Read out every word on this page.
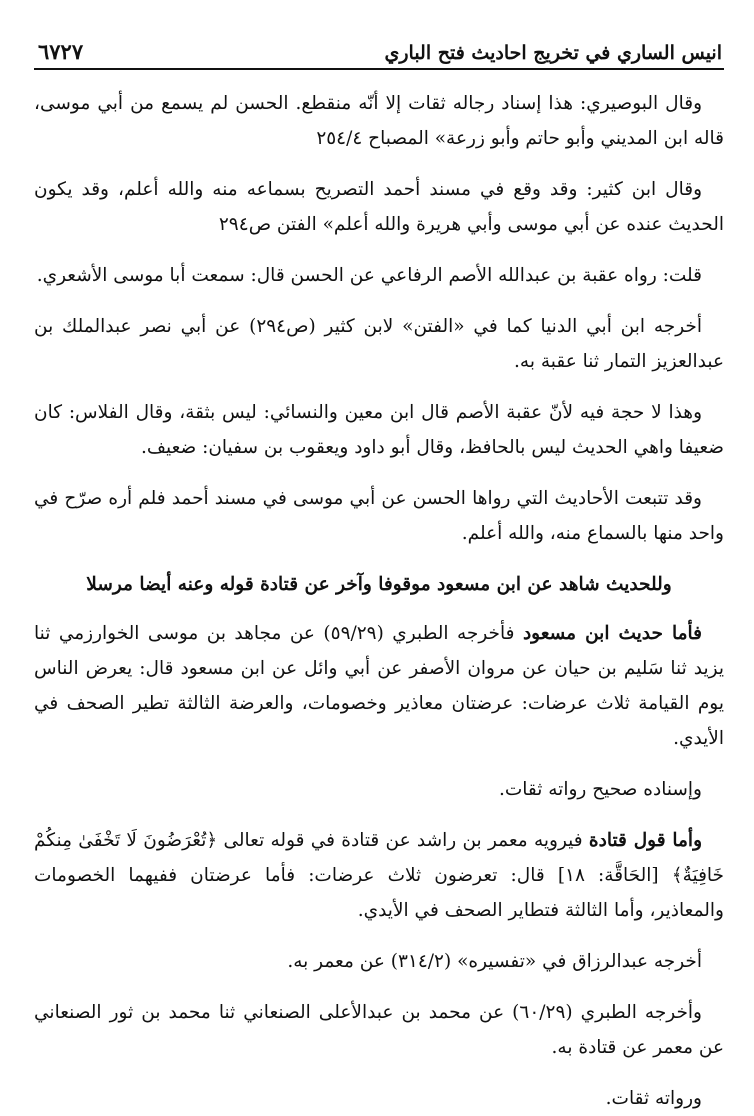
انيس الساري في تخريج احاديث فتح الباري
٦٧٢٧

وقال البوصيري: هذا إسناد رجاله ثقات إلا أنّه منقطع. الحسن لم يسمع من أبي موسى، قاله ابن المديني وأبو حاتم وأبو زرعة» المصباح ٢٥٤/٤

وقال ابن كثير: وقد وقع في مسند أحمد التصريح بسماعه منه والله أعلم، وقد يكون الحديث عنده عن أبي موسى وأبي هريرة والله أعلم» الفتن ص٢٩٤

قلت: رواه عقبة بن عبدالله الأصم الرفاعي عن الحسن قال: سمعت أبا موسى الأشعري.

أخرجه ابن أبي الدنيا كما في «الفتن» لابن كثير (ص٢٩٤) عن أبي نصر عبدالملك بن عبدالعزيز التمار ثنا عقبة به.

وهذا لا حجة فيه لأنّ عقبة الأصم قال ابن معين والنسائي: ليس بثقة، وقال الفلاس: كان ضعيفا واهي الحديث ليس بالحافظ، وقال أبو داود ويعقوب بن سفيان: ضعيف.

وقد تتبعت الأحاديث التي رواها الحسن عن أبي موسى في مسند أحمد فلم أره صرّح في واحد منها بالسماع منه، والله أعلم.

وللحديث شاهد عن ابن مسعود موقوفا وآخر عن قتادة قوله وعنه أيضا مرسلا

فأما حديث ابن مسعود فأخرجه الطبري (٥٩/٢٩) عن مجاهد بن موسى الخوارزمي ثنا يزيد ثنا سَليم بن حيان عن مروان الأصفر عن أبي وائل عن ابن مسعود قال: يعرض الناس يوم القيامة ثلاث عرضات: عرضتان معاذير وخصومات، والعرضة الثالثة تطير الصحف في الأيدي.

وإسناده صحيح رواته ثقات.

وأما قول قتادة فيرويه معمر بن راشد عن قتادة في قوله تعالى ﴿تُعْرَضُونَ لَا تَخْفَىٰ مِنكُمْ خَافِيَةٌ﴾ [الحَاقَّة: ١٨] قال: تعرضون ثلاث عرضات: فأما عرضتان ففيهما الخصومات والمعاذير، وأما الثالثة فتطاير الصحف في الأيدي.

أخرجه عبدالرزاق في «تفسيره» (٣١٤/٢) عن معمر به.

وأخرجه الطبري (٦٠/٢٩) عن محمد بن عبدالأعلى الصنعاني ثنا محمد بن ثور الصنعاني عن معمر عن قتادة به.

ورواته ثقات.
